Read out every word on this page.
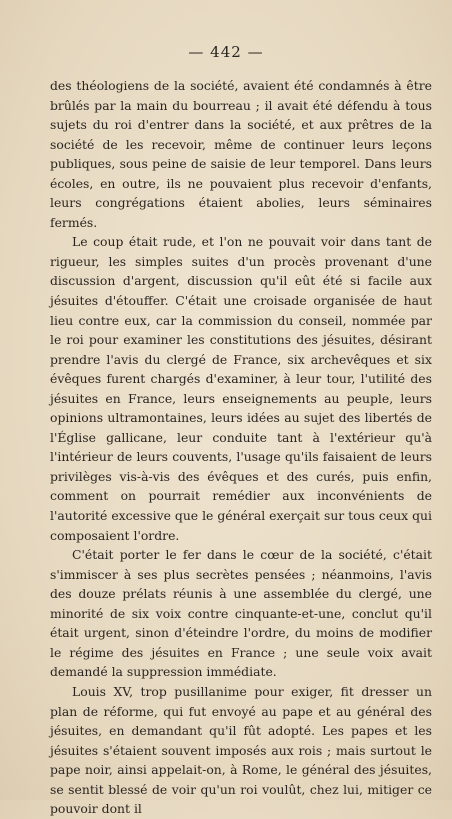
— 442 —

des théologiens de la société, avaient été condamnés à être brûlés par la main du bourreau ; il avait été défendu à tous sujets du roi d'entrer dans la société, et aux prêtres de la société de les recevoir, même de continuer leurs leçons publiques, sous peine de saisie de leur temporel. Dans leurs écoles, en outre, ils ne pouvaient plus recevoir d'enfants, leurs congrégations étaient abolies, leurs séminaires fermés.

Le coup était rude, et l'on ne pouvait voir dans tant de rigueur, les simples suites d'un procès provenant d'une discussion d'argent, discussion qu'il eût été si facile aux jésuites d'étouffer. C'était une croisade organisée de haut lieu contre eux, car la commission du conseil, nommée par le roi pour examiner les constitutions des jésuites, désirant prendre l'avis du clergé de France, six archevêques et six évêques furent chargés d'examiner, à leur tour, l'utilité des jésuites en France, leurs enseignements au peuple, leurs opinions ultramontaines, leurs idées au sujet des libertés de l'Église gallicane, leur conduite tant à l'extérieur qu'à l'intérieur de leurs couvents, l'usage qu'ils faisaient de leurs privilèges vis-à-vis des évêques et des curés, puis enfin, comment on pourrait remédier aux inconvénients de l'autorité excessive que le général exerçait sur tous ceux qui composaient l'ordre.

C'était porter le fer dans le cœur de la société, c'était s'immiscer à ses plus secrètes pensées ; néanmoins, l'avis des douze prélats réunis à une assemblée du clergé, une minorité de six voix contre cinquante-et-une, conclut qu'il était urgent, sinon d'éteindre l'ordre, du moins de modifier le régime des jésuites en France ; une seule voix avait demandé la suppression immédiate.

Louis XV, trop pusillanime pour exiger, fit dresser un plan de réforme, qui fut envoyé au pape et au général des jésuites, en demandant qu'il fût adopté. Les papes et les jésuites s'étaient souvent imposés aux rois ; mais surtout le pape noir, ainsi appelait-on, à Rome, le général des jésuites, se sentit blessé de voir qu'un roi voulût, chez lui, mitiger ce pouvoir dont il
